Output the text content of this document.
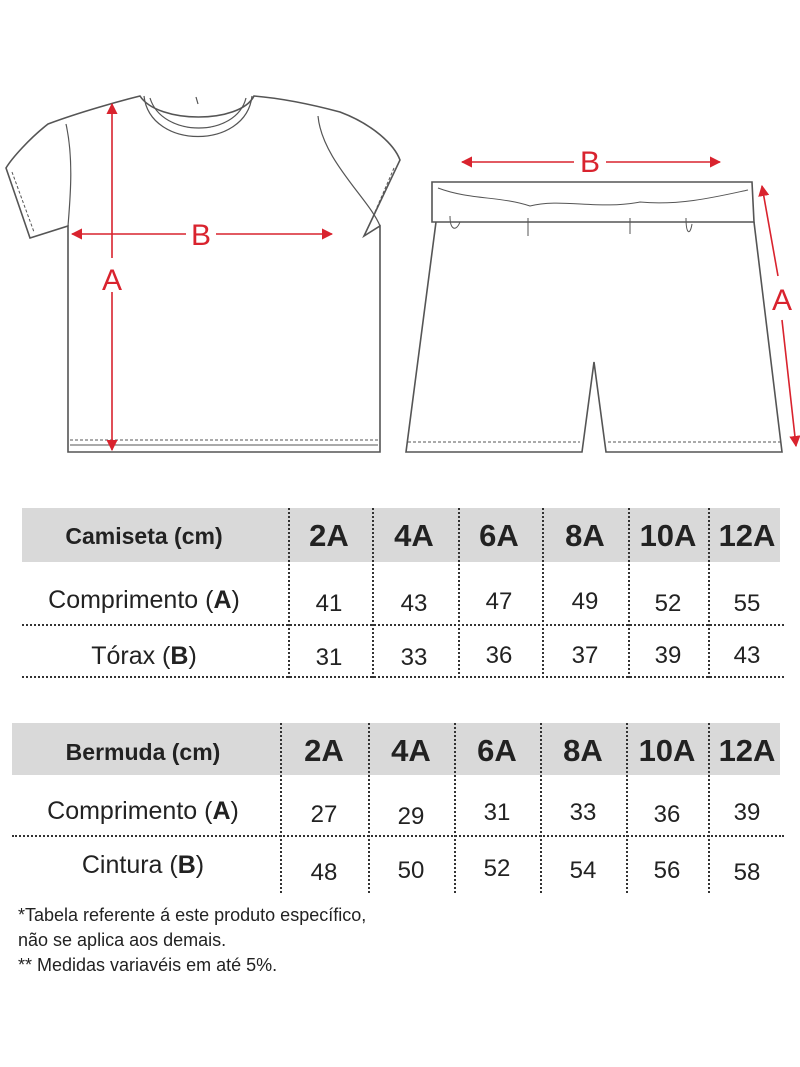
A
B
B
A
Camiseta (cm)	2A	4A	6A	8A	10A 12A
Comprimento (A)	41	43	47	49	52	55
Tórax (B)	31	33	36	37	39	43
Bermuda (cm)	2A	4A	6A	8A	10A 12A
Comprimento (A)	27	29	31	33	36	39
Cintura (B)	48	50	52	54	56	58
*Tabela referente á este produto específico,
não se aplica aos demais.
** Medidas variavéis em até 5%.
